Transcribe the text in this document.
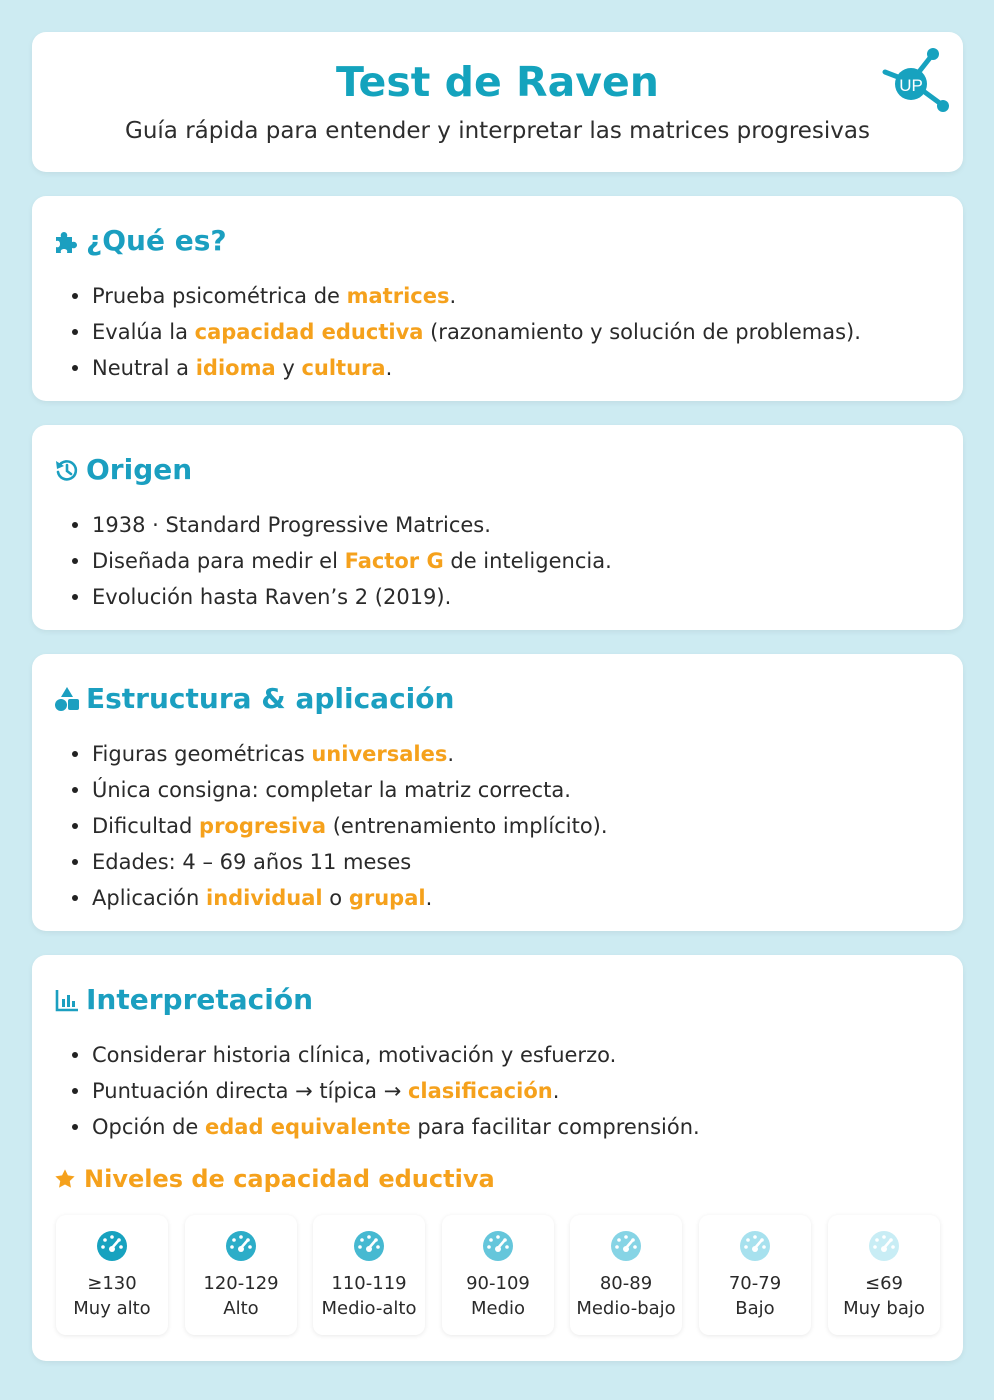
Test de Raven
Guía rápida para entender y interpretar las matrices progresivas
UP
¿Qué es?
Prueba psicométrica de matrices.
Evalúa la capacidad eductiva (razonamiento y solución de problemas).
Neutral a idioma y cultura.
Origen
1938 · Standard Progressive Matrices.
Diseñada para medir el Factor G de inteligencia.
Evolución hasta Raven’s 2 (2019).
Estructura & aplicación
Figuras geométricas universales.
Única consigna: completar la matriz correcta.
Dificultad progresiva (entrenamiento implícito).
Edades: 4 – 69 años 11 meses
Aplicación individual o grupal.
Interpretación
Considerar historia clínica, motivación y esfuerzo.
Puntuación directa → típica → clasificación.
Opción de edad equivalente para facilitar comprensión.
Niveles de capacidad eductiva
≥130
Muy alto
120-129
Alto
110-119
Medio-alto
90-109
Medio
80-89
Medio-bajo
70-79
Bajo
≤69
Muy bajo
